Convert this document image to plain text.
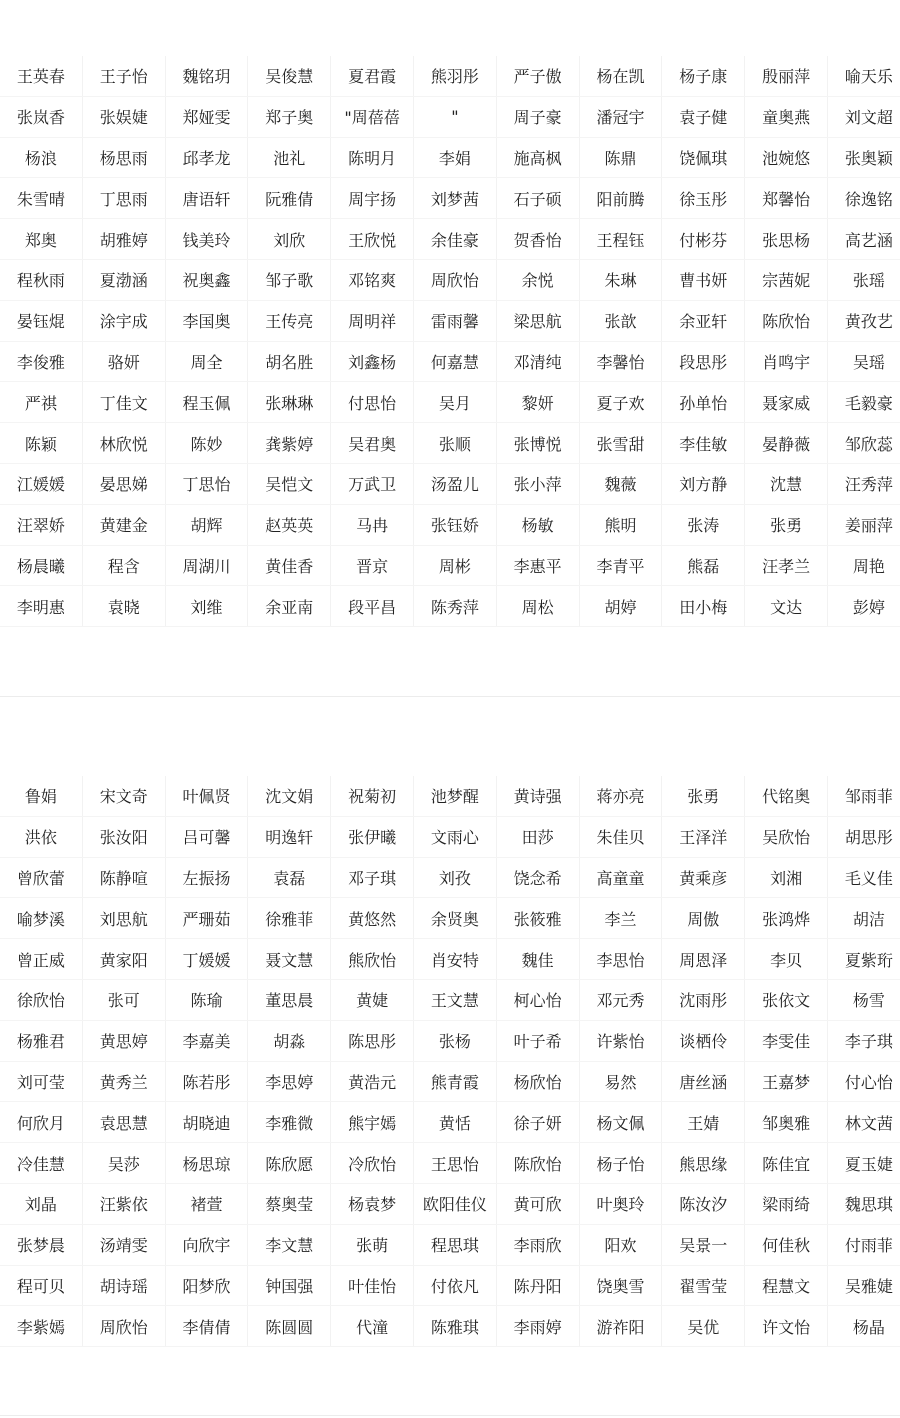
王英春	王子怡	魏铭玥	吴俊慧	夏君霞	熊羽彤	严子傲	杨在凯	杨子康	殷丽萍	喻天乐
张岚香	张娱婕	郑娅雯	郑子奥	"周蓓蓓	"	周子豪	潘冠宇	袁子健	童奥燕	刘文超
杨浪	杨思雨	邱孝龙	池礼	陈明月	李娟	施高枫	陈鼎	饶佩琪	池婉悠	张奥颖
朱雪晴	丁思雨	唐语轩	阮雅倩	周宇扬	刘梦茜	石子硕	阳前腾	徐玉彤	郑馨怡	徐逸铭
郑奥	胡雅婷	钱美玲	刘欣	王欣悦	余佳豪	贺香怡	王程钰	付彬芬	张思杨	高艺涵
程秋雨	夏渤涵	祝奥鑫	邹子歌	邓铭爽	周欣怡	余悦	朱琳	曹书妍	宗茜妮	张瑶
晏钰焜	涂宇成	李国奥	王传亮	周明祥	雷雨馨	梁思航	张歆	余亚轩	陈欣怡	黄孜艺
李俊雅	骆妍	周全	胡名胜	刘鑫杨	何嘉慧	邓清纯	李馨怡	段思彤	肖鸣宇	吴瑶
严祺	丁佳文	程玉佩	张琳琳	付思怡	吴月	黎妍	夏子欢	孙单怡	聂家威	毛毅豪
陈颖	林欣悦	陈妙	龚紫婷	吴君奥	张顺	张博悦	张雪甜	李佳敏	晏静薇	邹欣蕊
江媛媛	晏思娣	丁思怡	吴恺文	万武卫	汤盈儿	张小萍	魏薇	刘方静	沈慧	汪秀萍
汪翠娇	黄建金	胡辉	赵英英	马冉	张钰娇	杨敏	熊明	张涛	张勇	姜丽萍
杨晨曦	程含	周湖川	黄佳香	晋京	周彬	李惠平	李青平	熊磊	汪孝兰	周艳
李明惠	袁晓	刘维	余亚南	段平昌	陈秀萍	周松	胡婷	田小梅	文达	彭婷
鲁娟	宋文奇	叶佩贤	沈文娟	祝菊初	池梦醒	黄诗强	蒋亦亮	张勇	代铭奥	邹雨菲
洪依	张汝阳	吕可馨	明逸轩	张伊曦	文雨心	田莎	朱佳贝	王泽洋	吴欣怡	胡思彤
曾欣蕾	陈静喧	左振扬	袁磊	邓子琪	刘孜	饶念希	高童童	黄乘彦	刘湘	毛义佳
喻梦溪	刘思航	严珊茹	徐雅菲	黄悠然	余贤奥	张筱雅	李兰	周傲	张鸿烨	胡洁
曾正威	黄家阳	丁媛媛	聂文慧	熊欣怡	肖安特	魏佳	李思怡	周恩泽	李贝	夏紫珩
徐欣怡	张可	陈瑜	董思晨	黄婕	王文慧	柯心怡	邓元秀	沈雨彤	张依文	杨雪
杨雅君	黄思婷	李嘉美	胡淼	陈思彤	张杨	叶子希	许紫怡	谈栖伶	李雯佳	李子琪
刘可莹	黄秀兰	陈若彤	李思婷	黄浩元	熊青霞	杨欣怡	易然	唐丝涵	王嘉梦	付心怡
何欣月	袁思慧	胡晓迪	李雅微	熊宇嫣	黄恬	徐子妍	杨文佩	王婧	邹奥雅	林文茜
冷佳慧	吴莎	杨思琼	陈欣愿	冷欣怡	王思怡	陈欣怡	杨子怡	熊思缘	陈佳宜	夏玉婕
刘晶	汪紫依	褚萱	蔡奥莹	杨袁梦	欧阳佳仪	黄可欣	叶奥玲	陈汝汐	梁雨绮	魏思琪
张梦晨	汤靖雯	向欣宇	李文慧	张萌	程思琪	李雨欣	阳欢	吴景一	何佳秋	付雨菲
程可贝	胡诗瑶	阳梦欣	钟国强	叶佳怡	付依凡	陈丹阳	饶奥雪	翟雪莹	程慧文	吴雅婕
李紫嫣	周欣怡	李倩倩	陈圆圆	代潼	陈雅琪	李雨婷	游祚阳	吴优	许文怡	杨晶
